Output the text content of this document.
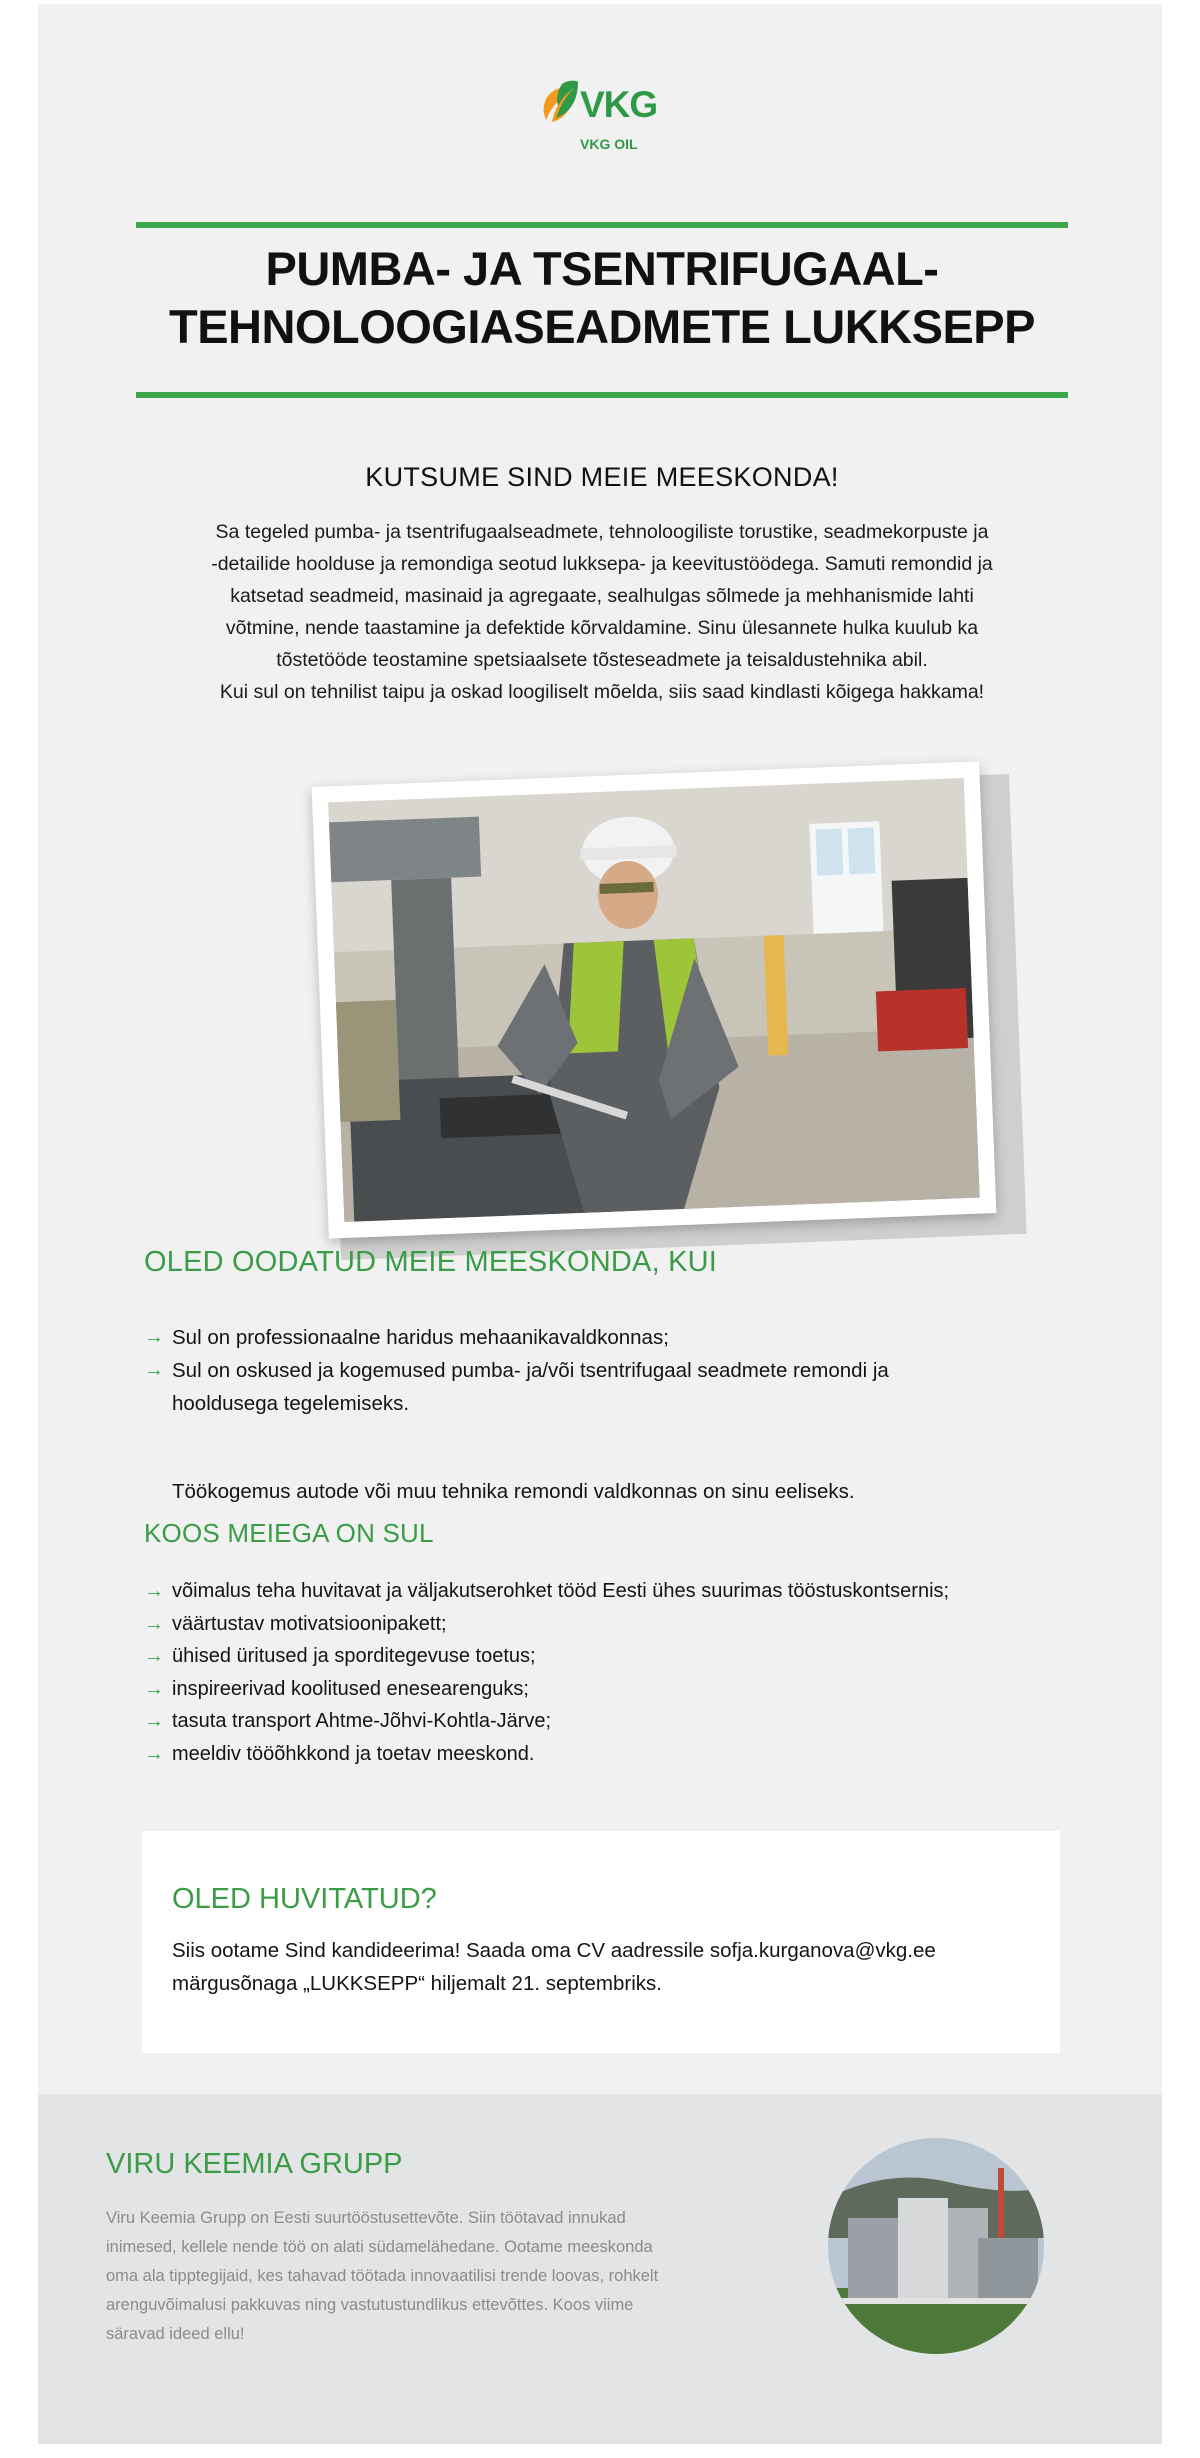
VKG
VKG OIL
PUMBA- JA TSENTRIFUGAAL-
TEHNOLOOGIASEADMETE LUKKSEPP
KUTSUME SIND MEIE MEESKONDA!

Sa tegeled pumba- ja tsentrifugaalseadmete, tehnoloogiliste torustike, seadmekorpuste ja

-detailide hoolduse ja remondiga seotud lukksepa- ja keevitustöödega. Samuti remondid ja

katsetad seadmeid, masinaid ja agregaate, sealhulgas sõlmede ja mehhanismide lahti

võtmine, nende taastamine ja defektide kõrvaldamine. Sinu ülesannete hulka kuulub ka

tõstetööde teostamine spetsiaalsete tõsteseadmete ja teisaldustehnika abil.

Kui sul on tehnilist taipu ja oskad loogiliselt mõelda, siis saad kindlasti kõigega hakkama!

OLED OODATUD MEIE MEESKONDA, KUI
→ Sul on professionaalne haridus mehaanikavaldkonnas;
→ Sul on oskused ja kogemused pumba- ja/või tsentrifugaal seadmete remondi ja
hooldusega tegelemiseks.
Töökogemus autode või muu tehnika remondi valdkonnas on sinu eeliseks.
KOOS MEIEGA ON SUL
→ võimalus teha huvitavat ja väljakutserohket tööd Eesti ühes suurimas tööstuskontsernis;
→ väärtustav motivatsioonipakett;
→ ühised üritused ja sporditegevuse toetus;
→ inspireerivad koolitused enesearenguks;
→ tasuta transport Ahtme-Jõhvi-Kohtla-Järve;
→ meeldiv tööõhkkond ja toetav meeskond.
OLED HUVITATUD?

Siis ootame Sind kandideerima! Saada oma CV aadressile sofja.kurganova@vkg.ee

märgusõnaga „LUKKSEPP“ hiljemalt 21. septembriks.

VIRU KEEMIA GRUPP

Viru Keemia Grupp on Eesti suurtööstusettevõte. Siin töötavad innukad

inimesed, kellele nende töö on alati südamelähedane. Ootame meeskonda

oma ala tipptegijaid, kes tahavad töötada innovaatilisi trende loovas, rohkelt

arenguvõimalusi pakkuvas ning vastutustundlikus ettevõttes. Koos viime

säravad ideed ellu!
